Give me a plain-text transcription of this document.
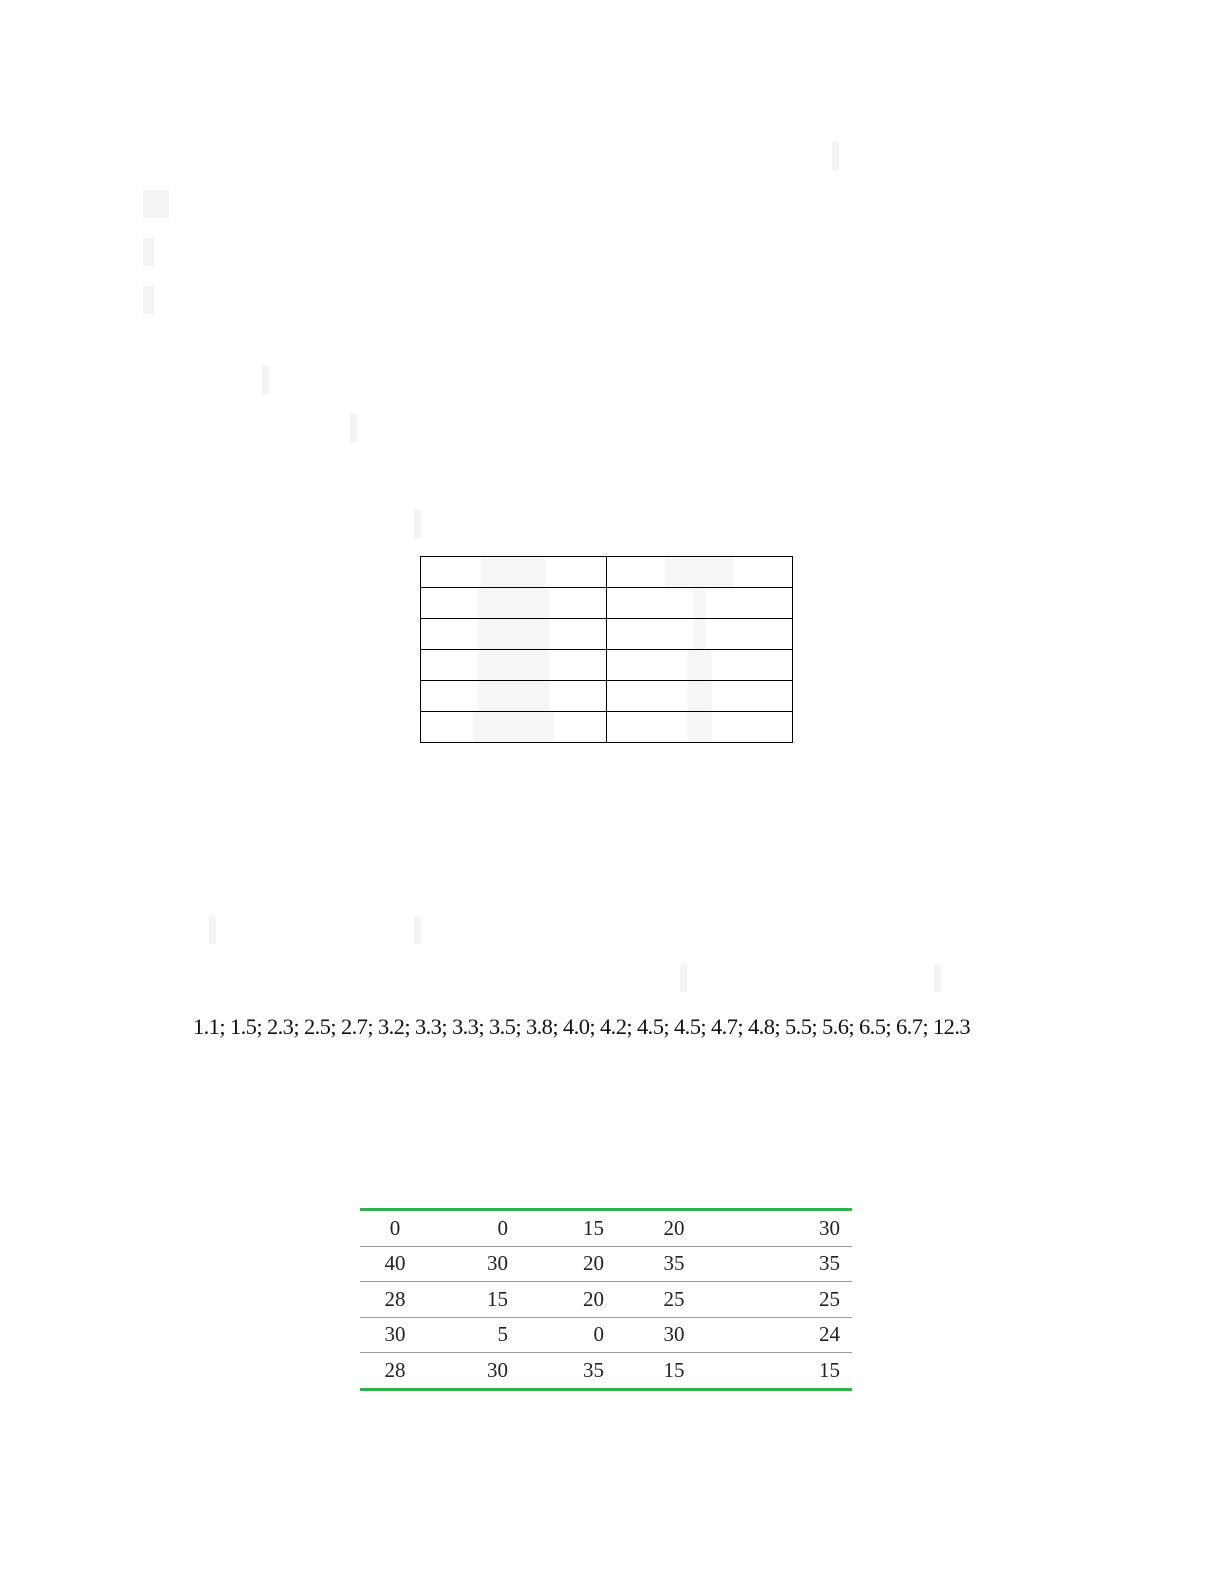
1.1; 1.5; 2.3; 2.5; 2.7; 3.2; 3.3; 3.3; 3.5; 3.8; 4.0; 4.2; 4.5; 4.5; 4.7; 4.8; 5.5; 5.6; 6.5; 6.7; 12.3
0	0	15	20	30
40	30	20	35	35
28	15	20	25	25
30	5	0	30	24
28	30	35	15	15
